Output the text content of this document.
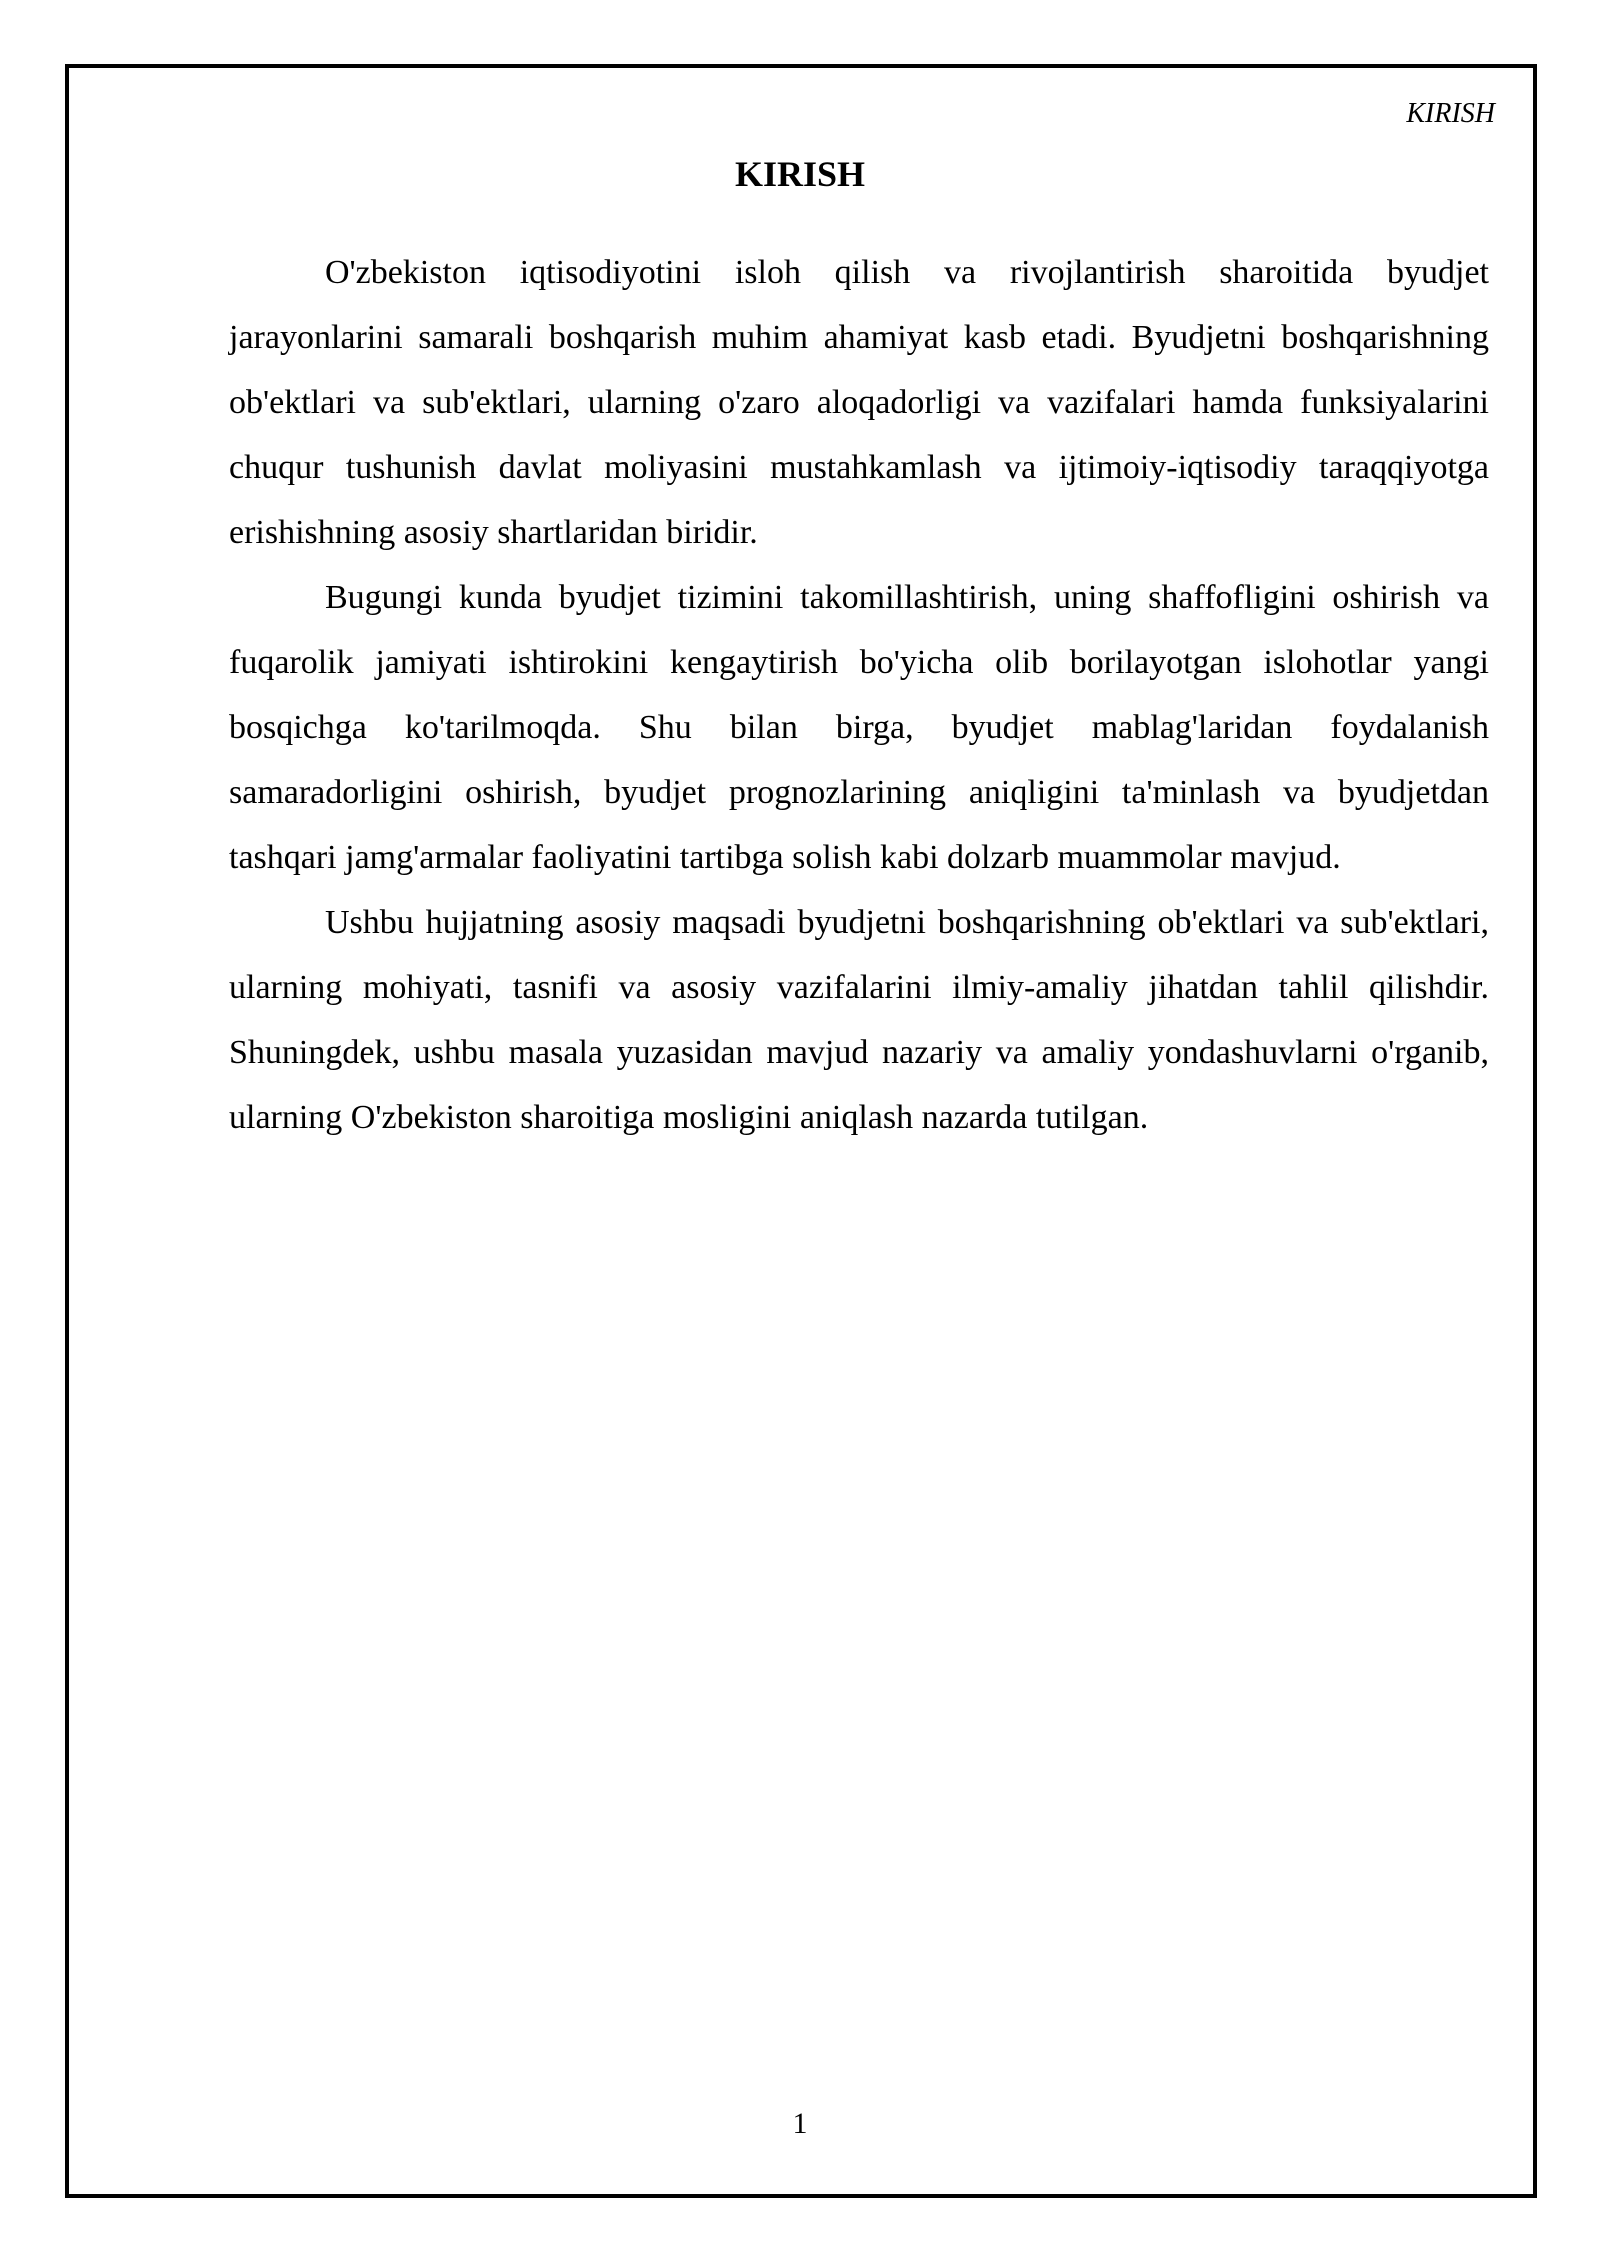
KIRISH
KIRISH

O'zbekiston iqtisodiyotini isloh qilish va rivojlantirish sharoitida byudjet jarayonlarini samarali boshqarish muhim ahamiyat kasb etadi. Byudjetni boshqarishning ob'ektlari va sub'ektlari, ularning o'zaro aloqadorligi va vazifalari hamda funksiyalarini chuqur tushunish davlat moliyasini mustahkamlash va ijtimoiy-iqtisodiy taraqqiyotga erishishning asosiy shartlaridan biridir.

Bugungi kunda byudjet tizimini takomillashtirish, uning shaffofligini oshirish va fuqarolik jamiyati ishtirokini kengaytirish bo'yicha olib borilayotgan islohotlar yangi bosqichga ko'tarilmoqda. Shu bilan birga, byudjet mablag'laridan foydalanish samaradorligini oshirish, byudjet prognozlarining aniqligini ta'minlash va byudjetdan tashqari jamg'armalar faoliyatini tartibga solish kabi dolzarb muammolar mavjud.

Ushbu hujjatning asosiy maqsadi byudjetni boshqarishning ob'ektlari va sub'ektlari, ularning mohiyati, tasnifi va asosiy vazifalarini ilmiy-amaliy jihatdan tahlil qilishdir. Shuningdek, ushbu masala yuzasidan mavjud nazariy va amaliy yondashuvlarni o'rganib, ularning O'zbekiston sharoitiga mosligini aniqlash nazarda tutilgan.

1
